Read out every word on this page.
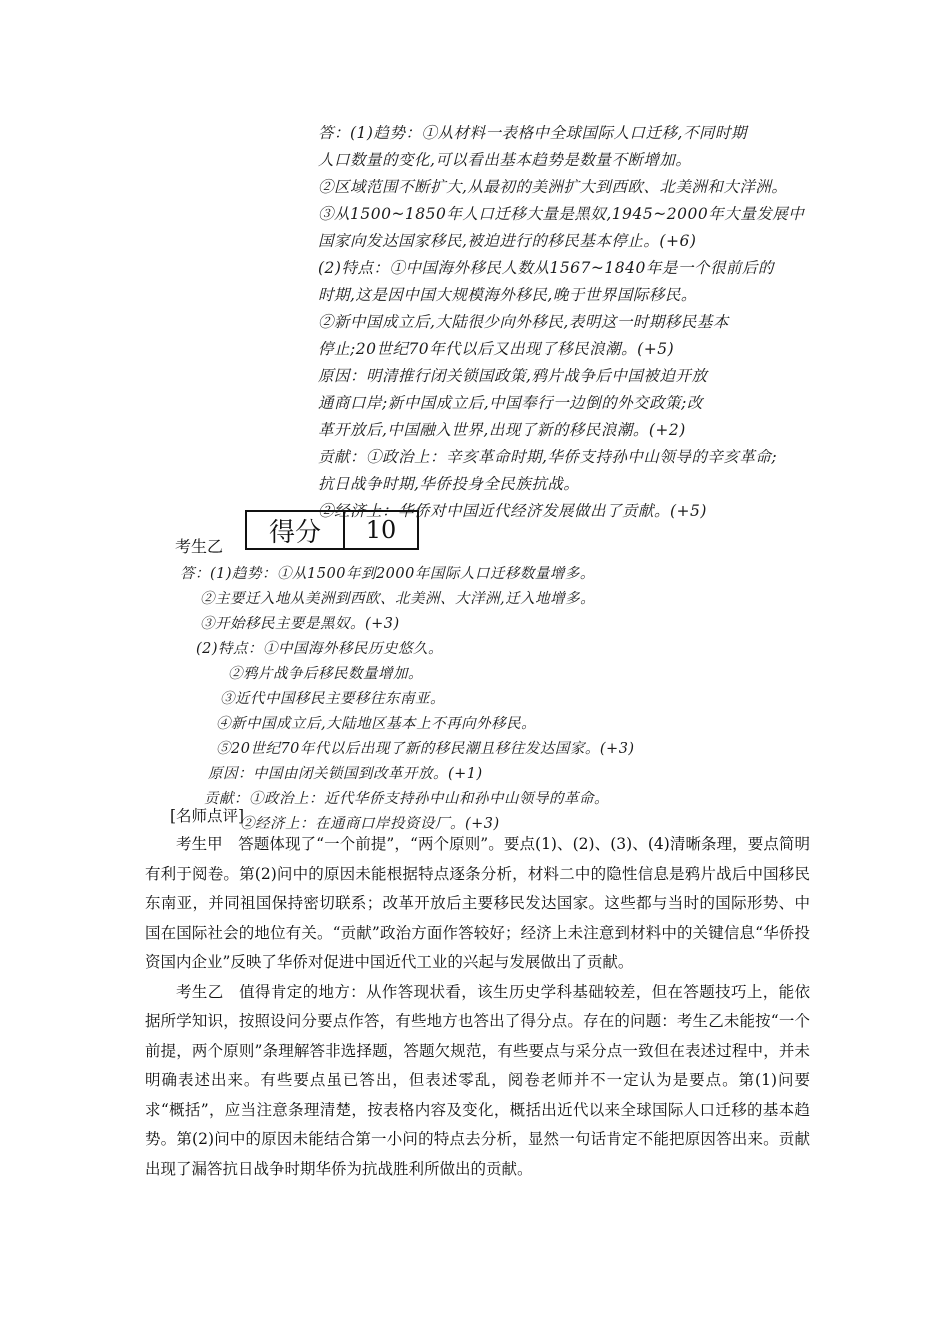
答：(1)趋势：①从材料一表格中全球国际人口迁移,不同时期
人口数量的变化,可以看出基本趋势是数量不断增加。
②区域范围不断扩大,从最初的美洲扩大到西欧、北美洲和大洋洲。
③从1500~1850年人口迁移大量是黑奴,1945~2000年大量发展中
国家向发达国家移民,被迫进行的移民基本停止。(+6)
(2)特点：①中国海外移民人数从1567~1840年是一个很前后的
时期,这是因中国大规模海外移民,晚于世界国际移民。
②新中国成立后,大陆很少向外移民,表明这一时期移民基本
停止;20世纪70年代以后又出现了移民浪潮。(+5)
原因：明清推行闭关锁国政策,鸦片战争后中国被迫开放
通商口岸;新中国成立后,中国奉行一边倒的外交政策;改
革开放后,中国融入世界,出现了新的移民浪潮。(+2)
贡献：①政治上：辛亥革命时期,华侨支持孙中山领导的辛亥革命;
抗日战争时期,华侨投身全民族抗战。
②经济上：华侨对中国近代经济发展做出了贡献。(+5)
考生乙	得分	10
答：(1)趋势：①从1500年到2000年国际人口迁移数量增多。
②主要迁入地从美洲到西欧、北美洲、大洋洲,迁入地增多。
③开始移民主要是黑奴。(+3)
(2)特点：①中国海外移民历史悠久。
②鸦片战争后移民数量增加。
③近代中国移民主要移往东南亚。
④新中国成立后,大陆地区基本上不再向外移民。
⑤20世纪70年代以后出现了新的移民潮且移往发达国家。(+3)
原因：中国由闭关锁国到改革开放。(+1)
贡献：①政治上：近代华侨支持孙中山和孙中山领导的革命。
②经济上：在通商口岸投资设厂。(+3)
[名师点评]

考生甲 答题体现了“一个前提”，“两个原则”。要点(1)、(2)、(3)、(4)清晰条理，要点简明有利于阅卷。第(2)问中的原因未能根据特点逐条分析，材料二中的隐性信息是鸦片战后中国移民东南亚，并同祖国保持密切联系；改革开放后主要移民发达国家。这些都与当时的国际形势、中国在国际社会的地位有关。“贡献”政治方面作答较好；经济上未注意到材料中的关键信息“华侨投资国内企业”反映了华侨对促进中国近代工业的兴起与发展做出了贡献。

考生乙 值得肯定的地方：从作答现状看，该生历史学科基础较差，但在答题技巧上，能依据所学知识，按照设问分要点作答，有些地方也答出了得分点。存在的问题：考生乙未能按“一个前提，两个原则”条理解答非选择题，答题欠规范，有些要点与采分点一致但在表述过程中，并未明确表述出来。有些要点虽已答出，但表述零乱，阅卷老师并不一定认为是要点。第(1)问要求“概括”，应当注意条理清楚，按表格内容及变化，概括出近代以来全球国际人口迁移的基本趋势。第(2)问中的原因未能结合第一小问的特点去分析，显然一句话肯定不能把原因答出来。贡献出现了漏答抗日战争时期华侨为抗战胜利所做出的贡献。
